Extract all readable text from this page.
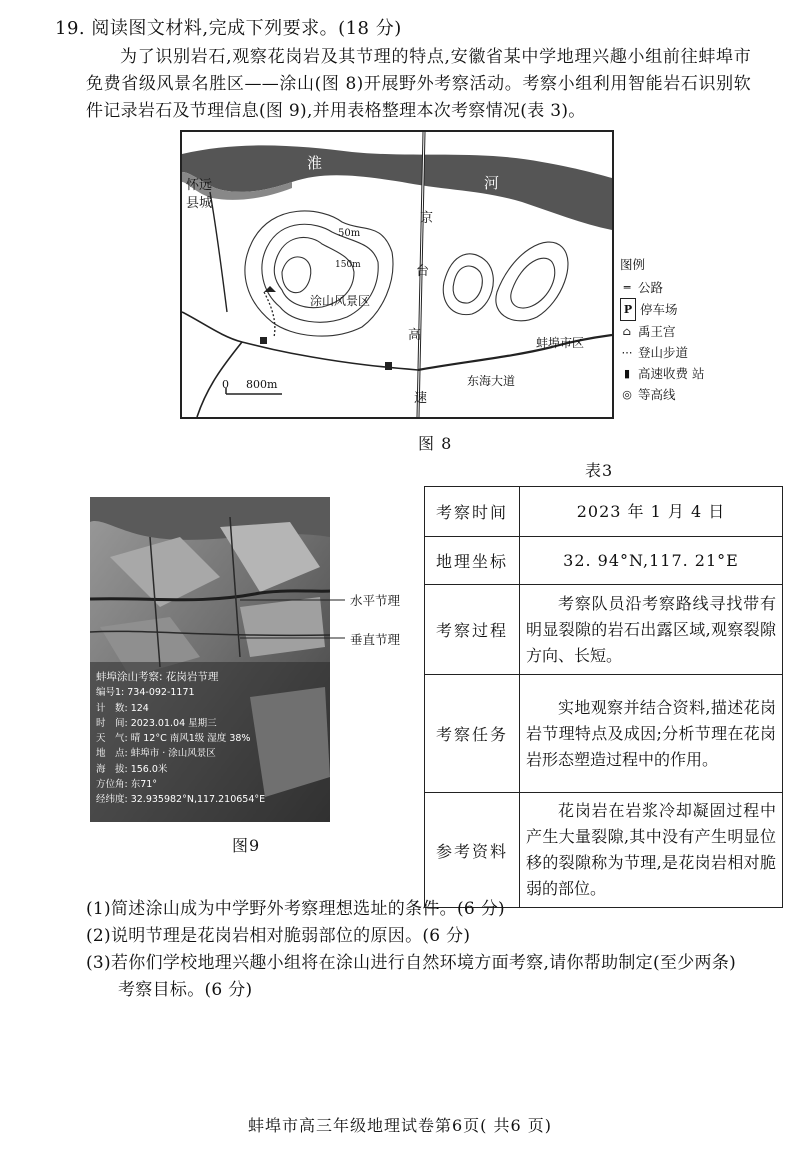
19. 阅读图文材料,完成下列要求。(18 分)
为了识别岩石,观察花岗岩及其节理的特点,安徽省某中学地理兴趣小组前往蚌埠市免费省级风景名胜区——涂山(图 8)开展野外考察活动。考察小组利用智能岩石识别软件记录岩石及节理信息(图 9),并用表格整理本次考察情况(表 3)。
淮
河
怀远
县城
京
台
高
速
涂山风景区
50m
150m
蚌埠市区
东海大道
0 800m
图例
═ 公路
P 停车场
⌂ 禹王宫
⋯ 登山步道
▮ 高速收费 站
◎ 等高线
图 8
表3
水平节理
垂直节理
蚌埠涂山考察: 花岗岩节理
编号1: 734-092-1171
计　数: 124
时　间: 2023.01.04 星期三
天　气: 晴 12°C 南风1级 湿度 38%
地　点: 蚌埠市 · 涂山风景区
海　拔: 156.0米
方位角: 东71°
经纬度: 32.935982°N,117.210654°E
图9
考察时间	2023 年 1 月 4 日
地理坐标	32. 94°N,117. 21°E
考察过程	考察队员沿考察路线寻找带有明显裂隙的岩石出露区域,观察裂隙方向、长短。
考察任务	实地观察并结合资料,描述花岗岩节理特点及成因;分析节理在花岗岩形态塑造过程中的作用。
参考资料	花岗岩在岩浆冷却凝固过程中产生大量裂隙,其中没有产生明显位移的裂隙称为节理,是花岗岩相对脆弱的部位。
(1)简述涂山成为中学野外考察理想选址的条件。(6 分)
(2)说明节理是花岗岩相对脆弱部位的原因。(6 分)
(3)若你们学校地理兴趣小组将在涂山进行自然环境方面考察,请你帮助制定(至少两条)考察目标。(6 分)
蚌埠市高三年级地理试卷第6页( 共6 页)
